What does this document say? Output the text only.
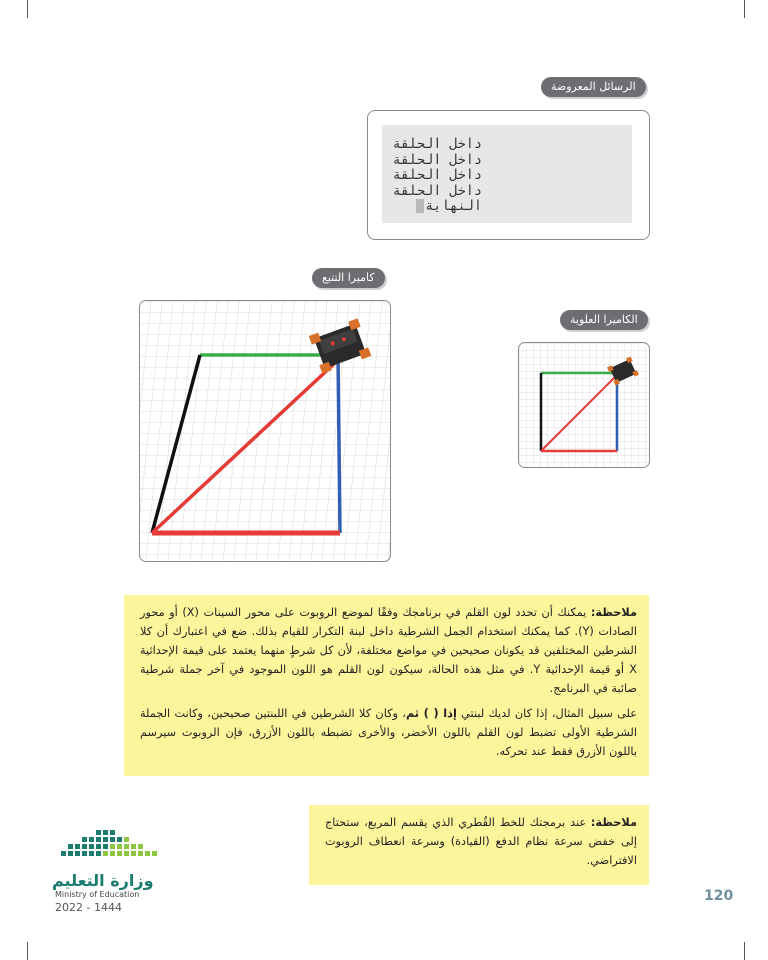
الرسائل المعروضة
داخل الحلقة
داخل الحلقة
داخل الحلقة
داخل الحلقة
النهاية
كاميرا التتبع
الكاميرا العلوية

ملاحظة: يمكنك أن تحدد لون القلم في برنامجك وفقًا لموضع الروبوت على محور السينات (X) أو محور الصادات (Y). كما يمكنك استخدام الجمل الشرطية داخل لبنة التكرار للقيام بذلك. ضع في اعتبارك أن كلا الشرطين المختلفين قد يكونان صحيحين في مواضع مختلفة، لأن كل شرطٍ منهما يعتمد على قيمة الإحداثية X أو قيمة الإحداثية Y. في مثل هذه الحالة، سيكون لون القلم هو اللون الموجود في آخر جملة شرطية صائبة في البرنامج.

على سبيل المثال، إذا كان لديك لبنتي إذا ( ) ثم، وكان كلا الشرطين في اللبنتين صحيحين، وكانت الجملة الشرطية الأولى تضبط لون القلم باللون الأخضر، والأخرى تضبطه باللون الأزرق، فإن الروبوت سيرسم باللون الأزرق فقط عند تحركه.

ملاحظة: عند برمجتك للخط القُطري الذي يقسم المربع، ستحتاج إلى خفض سرعة نظام الدفع (القيادة) وسرعة انعطاف الروبوت الافتراضي.

وزارة التعليم
Ministry of Education
2022 - 1444
120
